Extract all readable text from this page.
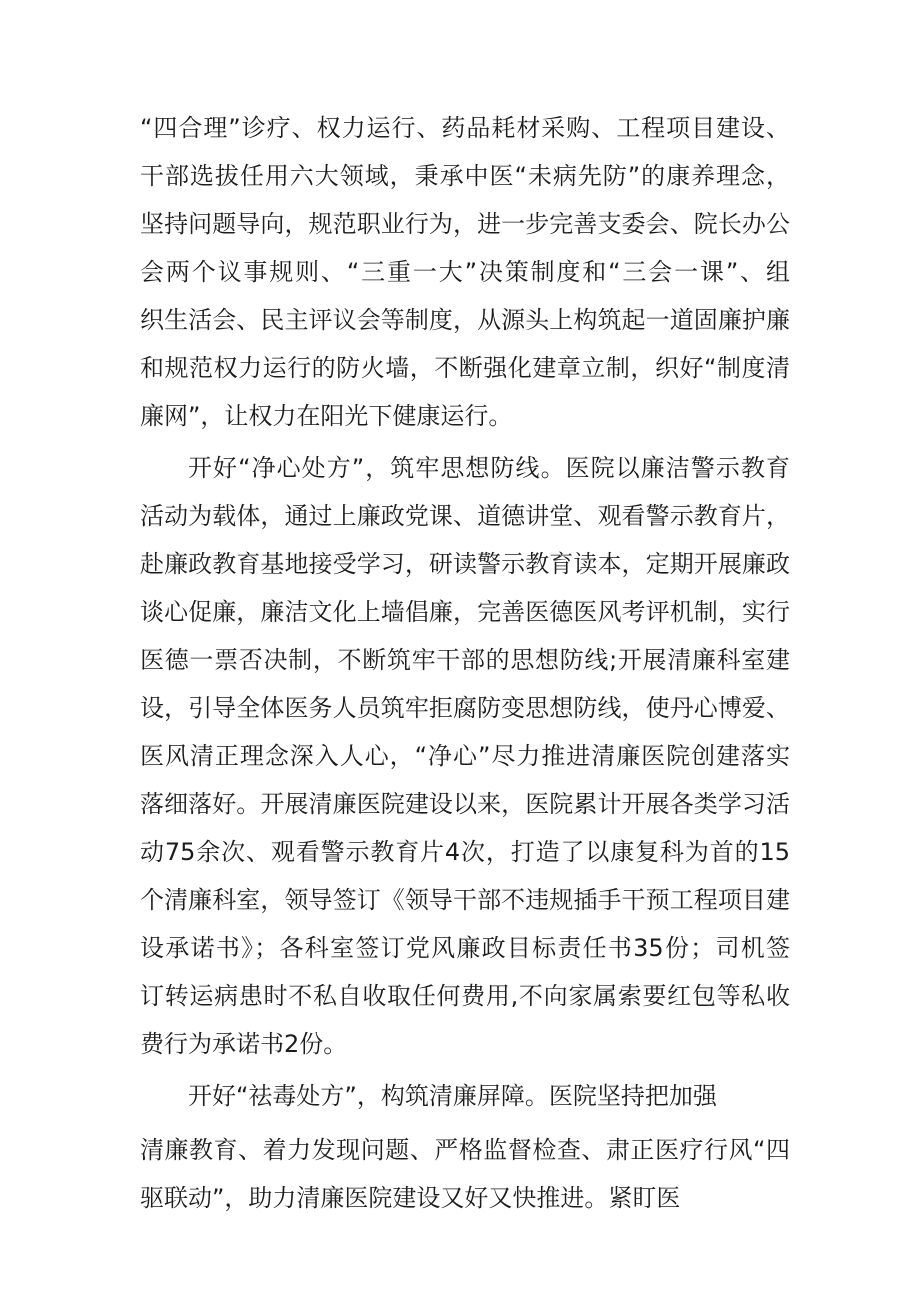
“四合理”诊疗、权力运行、药品耗材采购、工程项目建设、
干部选拔任用六大领域，秉承中医“未病先防”的康养理念，
坚持问题导向，规范职业行为，进一步完善支委会、院长办公
会两个议事规则、“三重一大”决策制度和“三会一课”、组
织生活会、民主评议会等制度，从源头上构筑起一道固廉护廉
和规范权力运行的防火墙，不断强化建章立制，织好“制度清
廉网”，让权力在阳光下健康运行。
开好“净心处方”，筑牢思想防线。医院以廉洁警示教育
活动为载体，通过上廉政党课、道德讲堂、观看警示教育片，
赴廉政教育基地接受学习，研读警示教育读本，定期开展廉政
谈心促廉，廉洁文化上墙倡廉，完善医德医风考评机制，实行
医德一票否决制，不断筑牢干部的思想防线;开展清廉科室建
设，引导全体医务人员筑牢拒腐防变思想防线，使丹心博爱、
医风清正理念深入人心，“净心”尽力推进清廉医院创建落实
落细落好。开展清廉医院建设以来，医院累计开展各类学习活
动75余次、观看警示教育片4次，打造了以康复科为首的15
个清廉科室，领导签订《领导干部不违规插手干预工程项目建
设承诺书》；各科室签订党风廉政目标责任书35份；司机签
订转运病患时不私自收取任何费用,不向家属索要红包等私收
费行为承诺书2份。
开好“祛毒处方”，构筑清廉屏障。医院坚持把加强
清廉教育、着力发现问题、严格监督检查、肃正医疗行风“四
驱联动”，助力清廉医院建设又好又快推进。紧盯医
